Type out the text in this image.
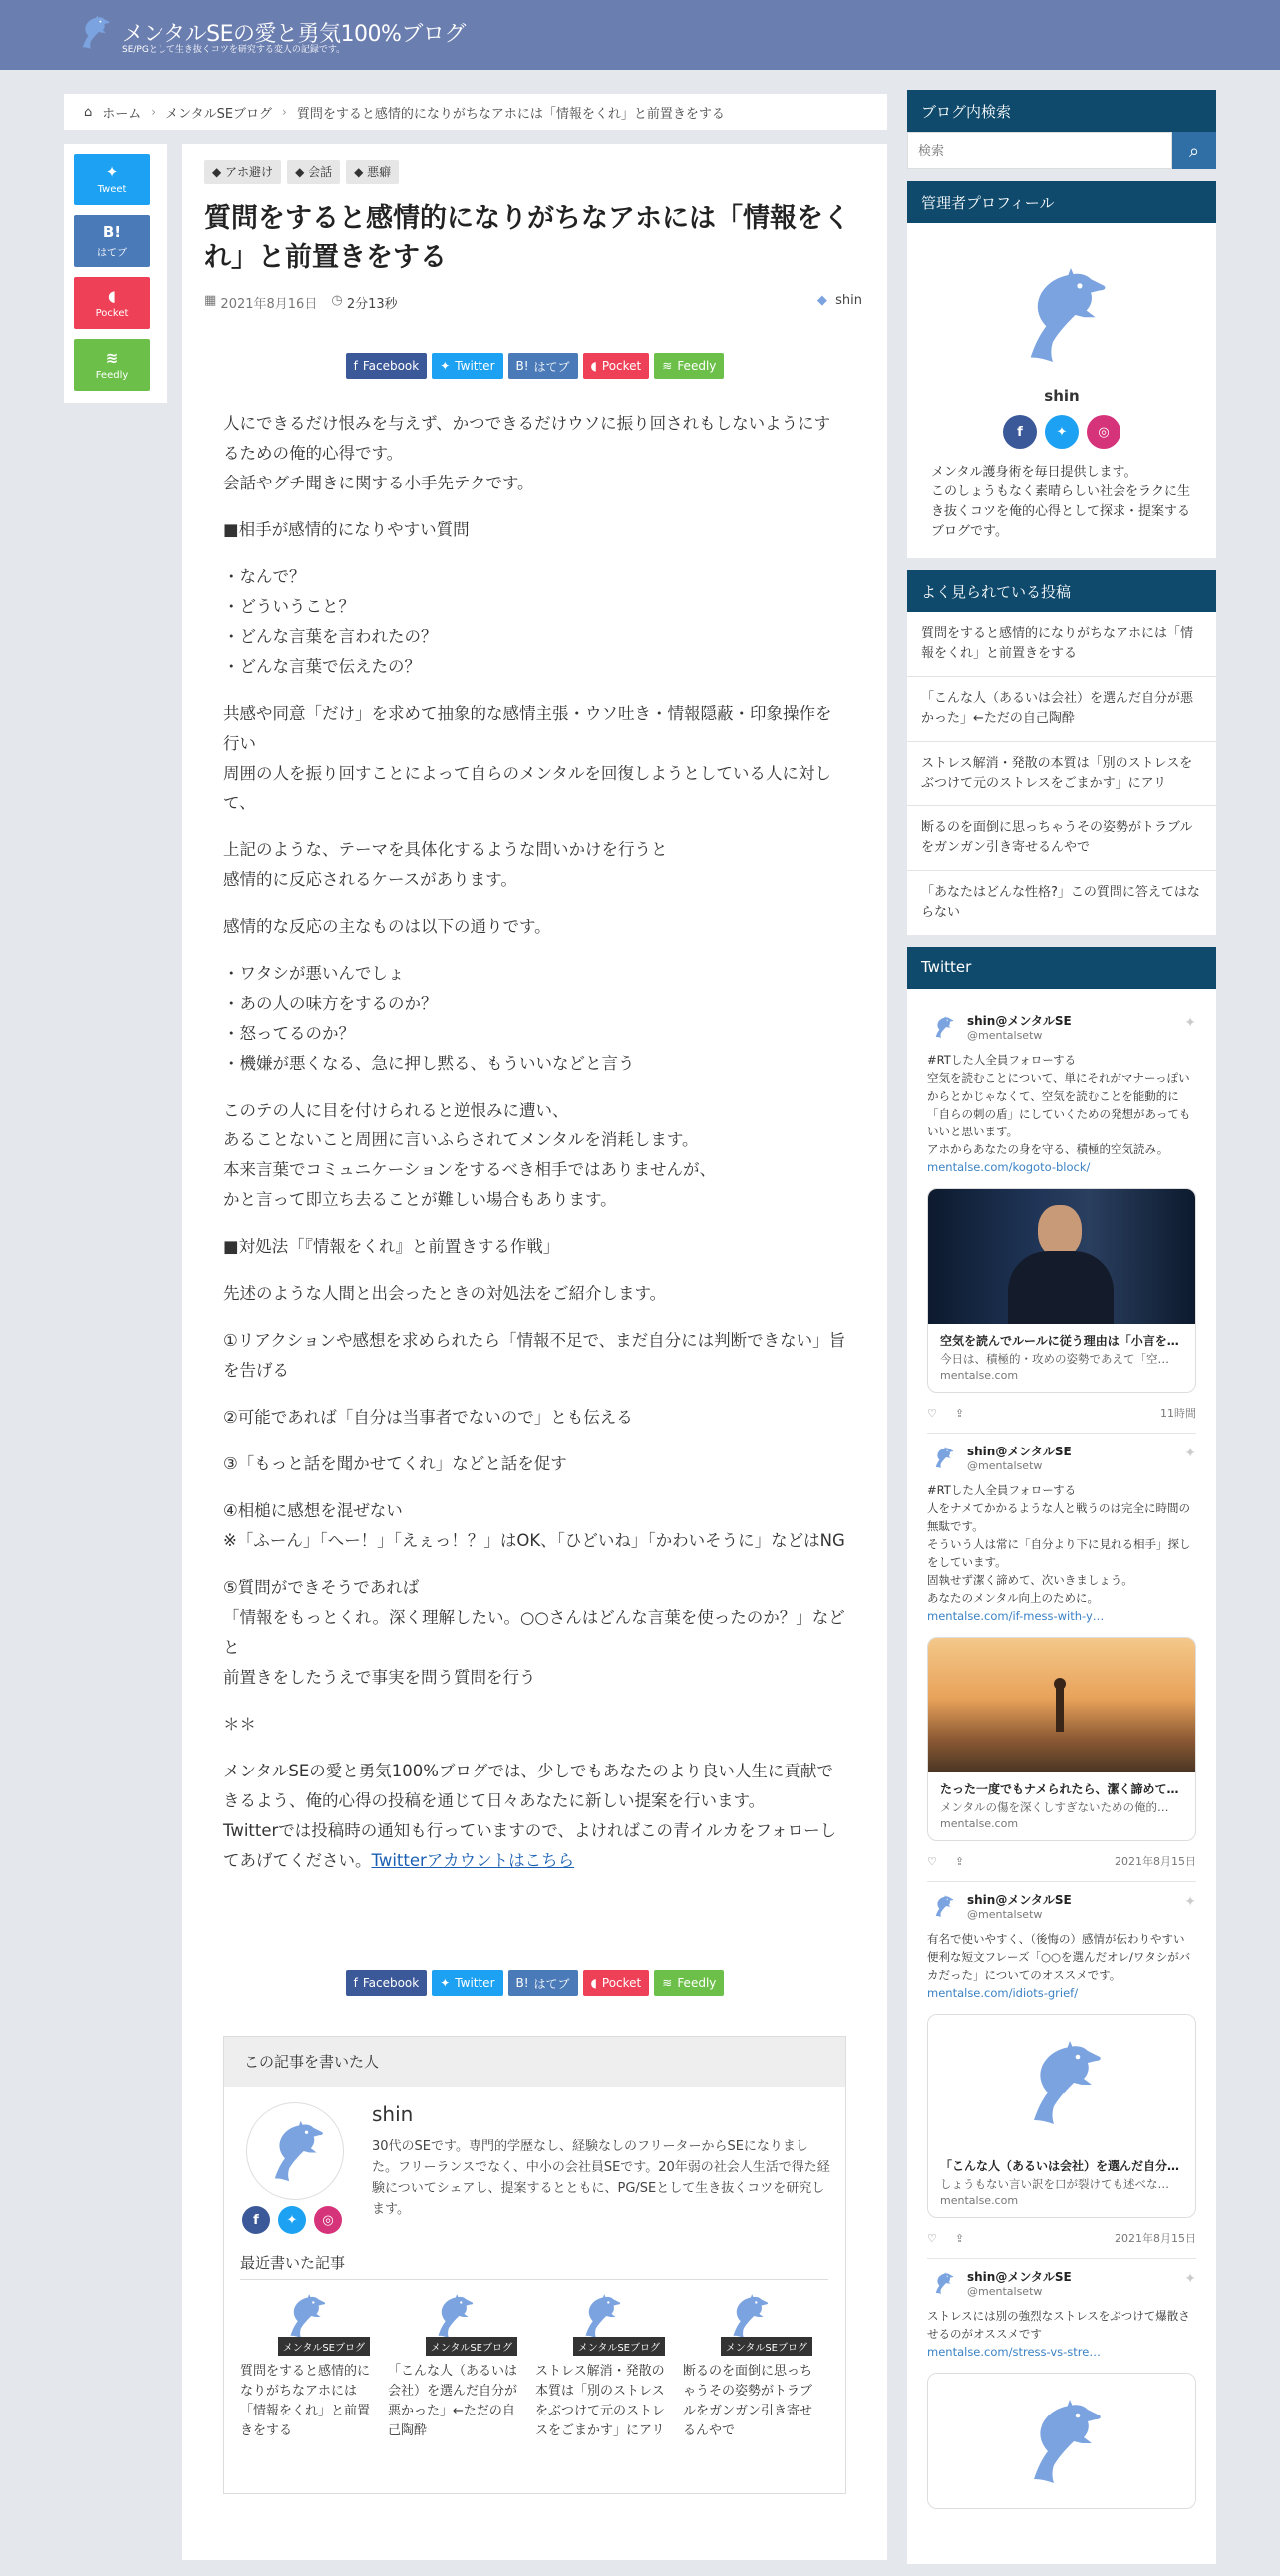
メンタルSEの愛と勇気100%ブログ
SE/PGとして生き抜くコツを研究する変人の記録です。
⌂ ホーム › メンタルSEブログ › 質問をすると感情的になりがちなアホには「情報をくれ」と前置きをする
✦
Tweet
B!
はてブ
◖
Pocket
≋
Feedly
◆ アホ避け	◆ 会話	◆ 悪癖
質問をすると感情的になりがちなアホには「情報をくれ」と前置きをする
▦ 2021年8月16日 ◷ 2分13秒	◆  shin
f Facebook ✦ Twitter B! はてブ ◖ Pocket ≋ Feedly

人にできるだけ恨みを与えず、かつできるだけウソに振り回されもしないようにするための俺的心得です。
会話やグチ聞きに関する小手先テクです。

■相手が感情的になりやすい質問

・なんで？
・どういうこと？
・どんな言葉を言われたの？
・どんな言葉で伝えたの？

共感や同意「だけ」を求めて抽象的な感情主張・ウソ吐き・情報隠蔽・印象操作を行い
周囲の人を振り回すことによって自らのメンタルを回復しようとしている人に対して、

上記のような、テーマを具体化するような問いかけを行うと
感情的に反応されるケースがあります。

感情的な反応の主なものは以下の通りです。

・ワタシが悪いんでしょ
・あの人の味方をするのか？
・怒ってるのか？
・機嫌が悪くなる、急に押し黙る、もういいなどと言う

このテの人に目を付けられると逆恨みに遭い、
あることないこと周囲に言いふらされてメンタルを消耗します。
本来言葉でコミュニケーションをするべき相手ではありませんが、
かと言って即立ち去ることが難しい場合もあります。

■対処法「『情報をくれ』と前置きする作戦」

先述のような人間と出会ったときの対処法をご紹介します。

①リアクションや感想を求められたら「情報不足で、まだ自分には判断できない」旨を告げる

②可能であれば「自分は当事者でないので」とも伝える

③「もっと話を聞かせてくれ」などと話を促す

④相槌に感想を混ぜない
※「ふーん」「へー！」「えぇっ！？」はOK、「ひどいね」「かわいそうに」などはNG

⑤質問ができそうであれば
「情報をもっとくれ。深く理解したい。○○さんはどんな言葉を使ったのか？」などと
前置きをしたうえで事実を問う質問を行う

＊＊

メンタルSEの愛と勇気100%ブログでは、少しでもあなたのより良い人生に貢献できるよう、俺的心得の投稿を通じて日々あなたに新しい提案を行います。
Twitterでは投稿時の通知も行っていますので、よければこの青イルカをフォローしてあげてください。Twitterアカウントはこちら

f Facebook ✦ Twitter B! はてブ ◖ Pocket ≋ Feedly
この記事を書いた人
shin
30代のSEです。専門的学歴なし、経験なしのフリーターからSEになりました。フリーランスでなく、中小の会社員SEです。20年弱の社会人生活で得た経験についてシェアし、提案するとともに、PG/SEとして生き抜くコツを研究します。
f	✦	◎
最近書いた記事
メンタルSEブログ
質問をすると感情的になりがちなアホには「情報をくれ」と前置きをする
メンタルSEブログ
「こんな人（あるいは会社）を選んだ自分が悪かった」←ただの自己陶酔
メンタルSEブログ
ストレス解消・発散の本質は「別のストレスをぶつけて元のストレスをごまかす」にアリ
メンタルSEブログ
断るのを面倒に思っちゃうその姿勢がトラブルをガンガン引き寄せるんやで
ブログ内検索
検索
⌕
管理者プロフィール
shin
f	✦	◎
メンタル護身術を毎日提供します。
このしょうもなく素晴らしい社会をラクに生き抜くコツを俺的心得として探求・提案するブログです。
よく見られている投稿
質問をすると感情的になりがちなアホには「情報をくれ」と前置きをする
「こんな人（あるいは会社）を選んだ自分が悪かった」←ただの自己陶酔
ストレス解消・発散の本質は「別のストレスをぶつけて元のストレスをごまかす」にアリ
断るのを面倒に思っちゃうその姿勢がトラブルをガンガン引き寄せるんやで
「あなたはどんな性格?」この質問に答えてはならない
Twitter
shin@メンタルSE
@mentalsetw
✦
#RTした人全員フォローする
空気を読むことについて、単にそれがマナーっぽいからとかじゃなくて、空気を読むことを能動的に「自らの刺の盾」にしていくための発想があってもいいと思います。
アホからあなたの身を守る、積極的空気読み。
mentalse.com/kogoto-block/
空気を読んでルールに従う理由は「小言を…
今日は、積極的・攻めの姿勢であえて「空…
mentalse.com
♡ ⇪	11時間
shin@メンタルSE
@mentalsetw
✦
#RTした人全員フォローする
人をナメてかかるような人と戦うのは完全に時間の無駄です。
そういう人は常に「自分より下に見れる相手」探しをしています。
固執せず潔く諦めて、次いきましょう。
あなたのメンタル向上のために。
mentalse.com/if-mess-with-y…
たった一度でもナメられたら、潔く諦めて…
メンタルの傷を深くしすぎないための俺的…
mentalse.com
♡ ⇪	2021年8月15日
shin@メンタルSE
@mentalsetw
✦
有名で使いやすく、（後悔の）感情が伝わりやすい便利な短文フレーズ「○○を選んだオレ/ワタシがバカだった」についてのオススメです。
mentalse.com/idiots-grief/
「こんな人（あるいは会社）を選んだ自分…
しょうもない言い訳を口が裂けても述べな…
mentalse.com
♡ ⇪	2021年8月15日
shin@メンタルSE
@mentalsetw
✦
ストレスには別の強烈なストレスをぶつけて爆散させるのがオススメです
mentalse.com/stress-vs-stre…
